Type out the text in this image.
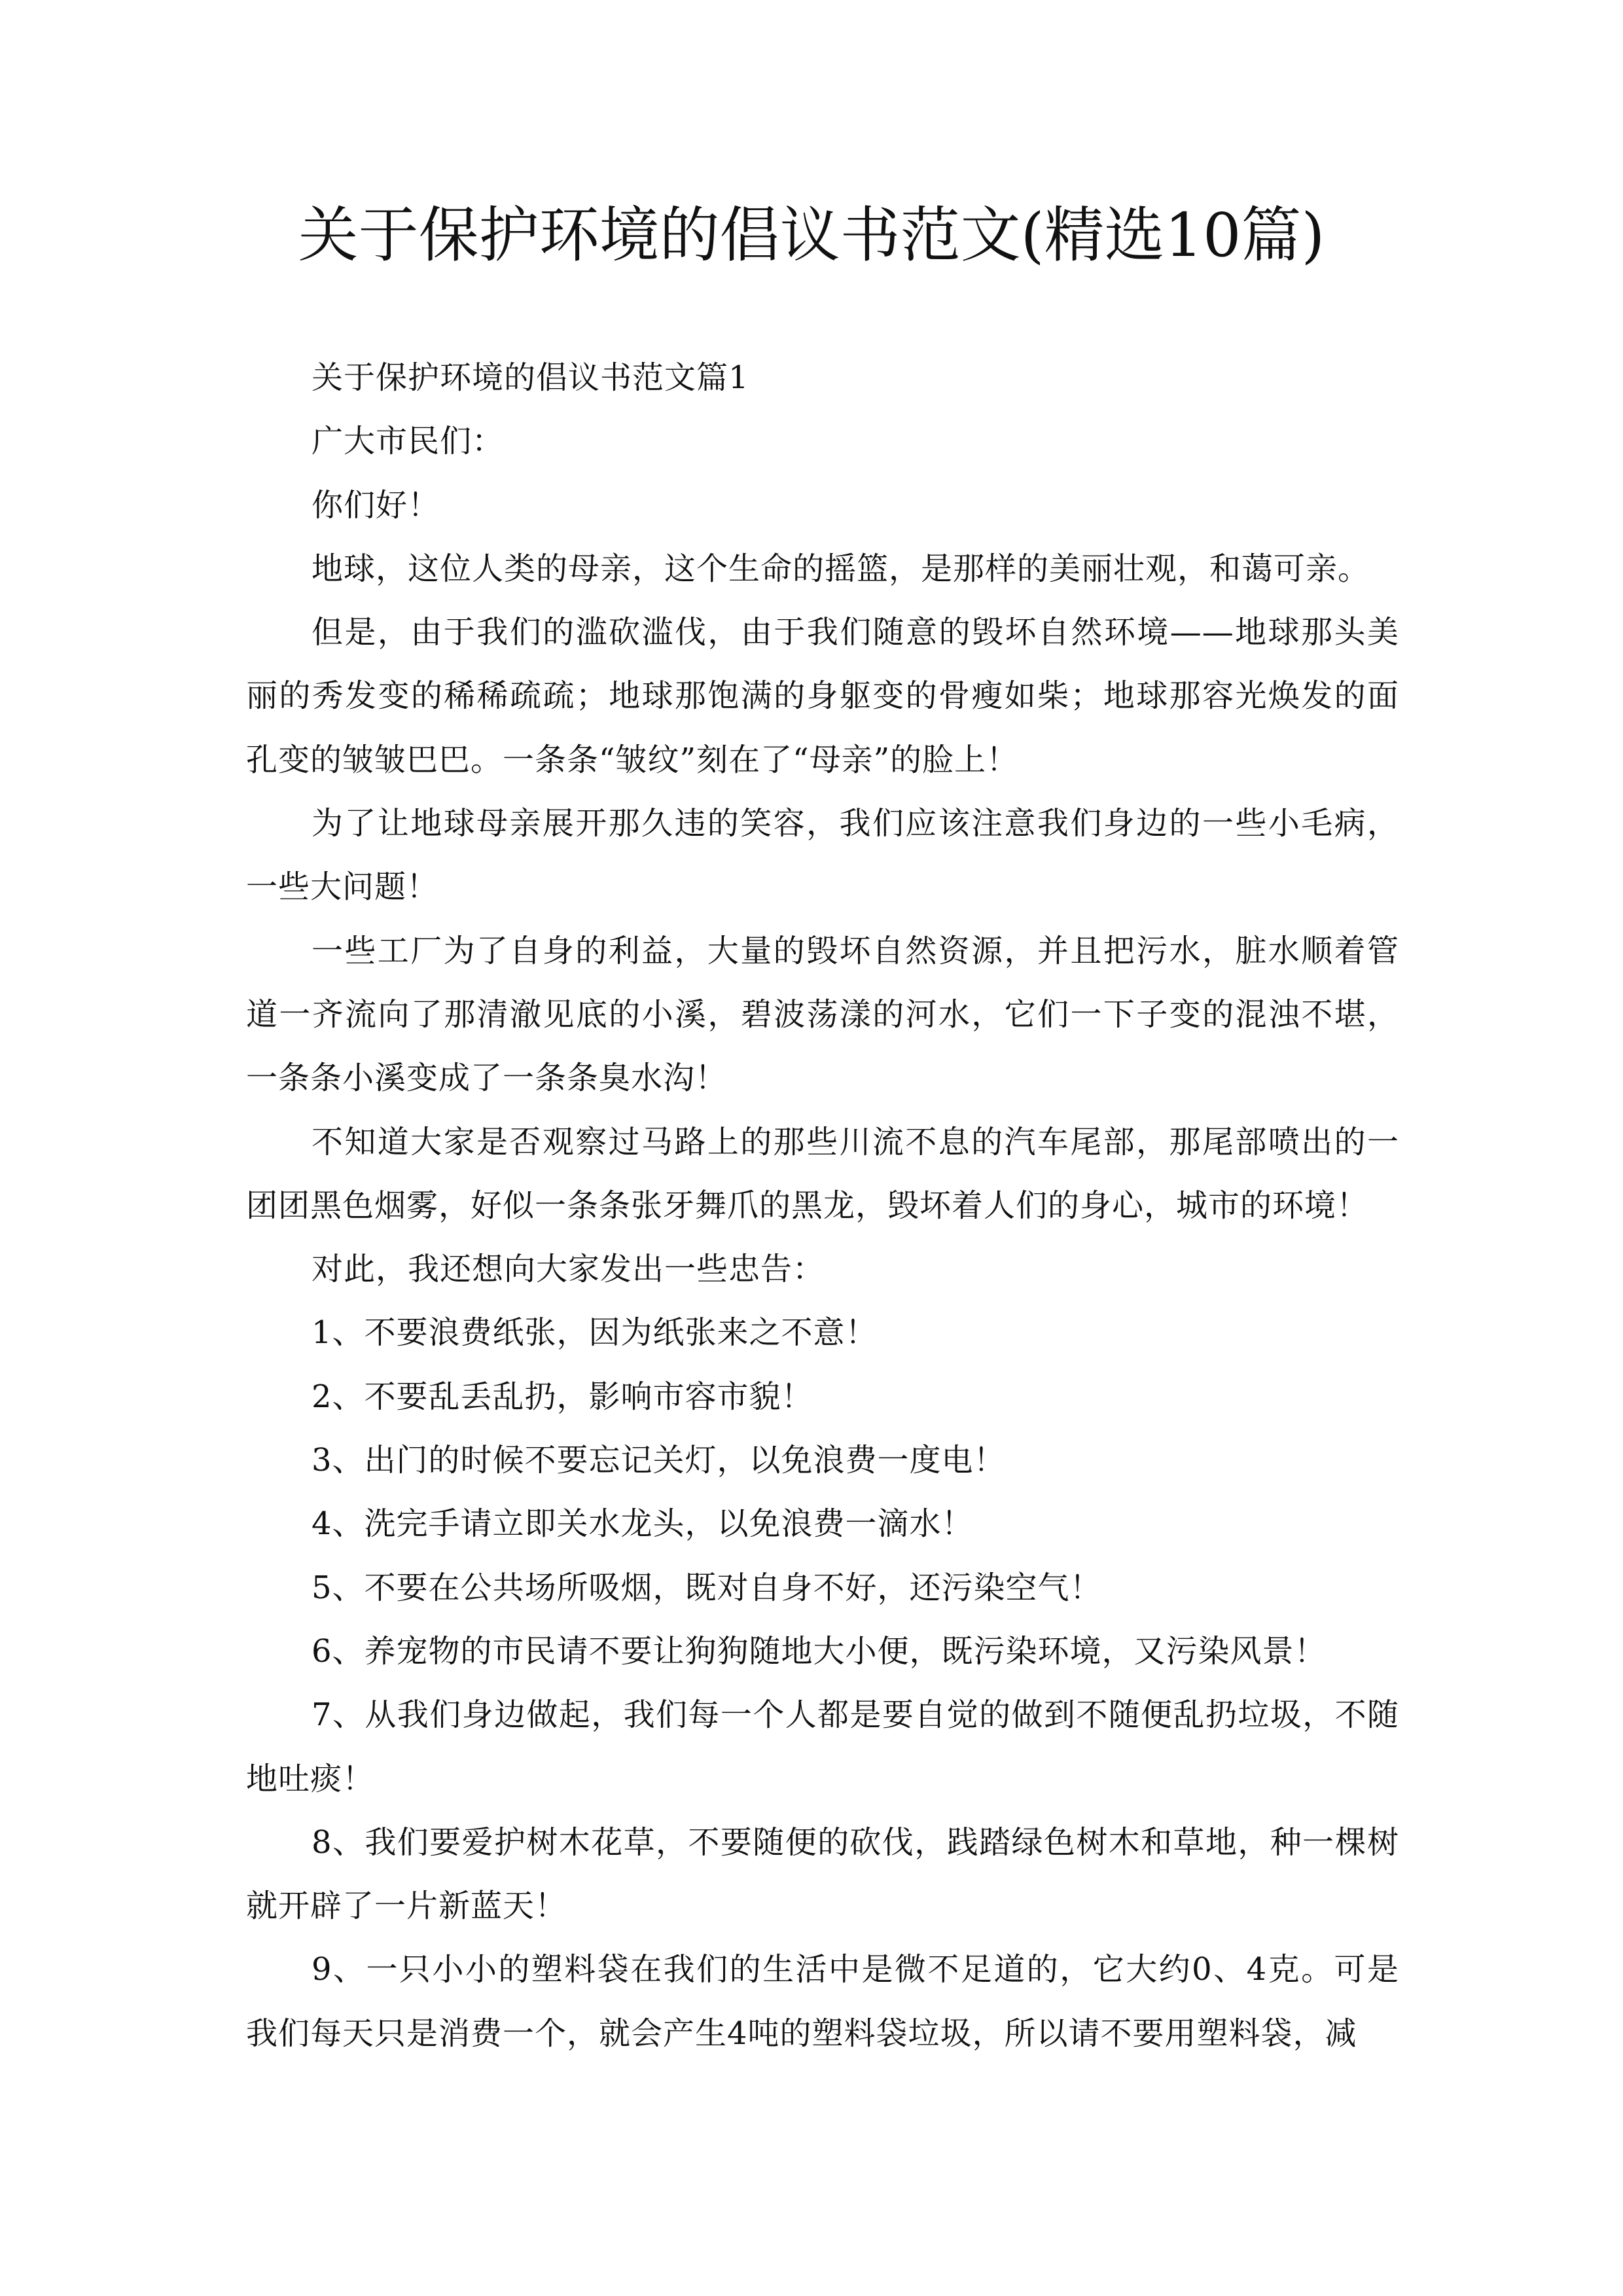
关于保护环境的倡议书范文(精选10篇)

关于保护环境的倡议书范文篇1

广大市民们：

你们好！

地球，这位人类的母亲，这个生命的摇篮，是那样的美丽壮观，和蔼可亲。

但是，由于我们的滥砍滥伐，由于我们随意的毁坏自然环境——地球那头美丽的秀发变的稀稀疏疏；地球那饱满的身躯变的骨瘦如柴；地球那容光焕发的面孔变的皱皱巴巴。一条条“皱纹”刻在了“母亲”的脸上！

为了让地球母亲展开那久违的笑容，我们应该注意我们身边的一些小毛病，一些大问题！

一些工厂为了自身的利益，大量的毁坏自然资源，并且把污水，脏水顺着管道一齐流向了那清澈见底的小溪，碧波荡漾的河水，它们一下子变的混浊不堪，一条条小溪变成了一条条臭水沟！

不知道大家是否观察过马路上的那些川流不息的汽车尾部，那尾部喷出的一团团黑色烟雾，好似一条条张牙舞爪的黑龙，毁坏着人们的身心，城市的环境！

对此，我还想向大家发出一些忠告：

1、不要浪费纸张，因为纸张来之不意！

2、不要乱丢乱扔，影响市容市貌！

3、出门的时候不要忘记关灯，以免浪费一度电！

4、洗完手请立即关水龙头，以免浪费一滴水！

5、不要在公共场所吸烟，既对自身不好，还污染空气！

6、养宠物的市民请不要让狗狗随地大小便，既污染环境，又污染风景！

7、从我们身边做起，我们每一个人都是要自觉的做到不随便乱扔垃圾，不随地吐痰！

8、我们要爱护树木花草，不要随便的砍伐，践踏绿色树木和草地，种一棵树就开辟了一片新蓝天！

9、一只小小的塑料袋在我们的生活中是微不足道的，它大约0、4克。可是我们每天只是消费一个，就会产生4吨的塑料袋垃圾，所以请不要用塑料袋，减
